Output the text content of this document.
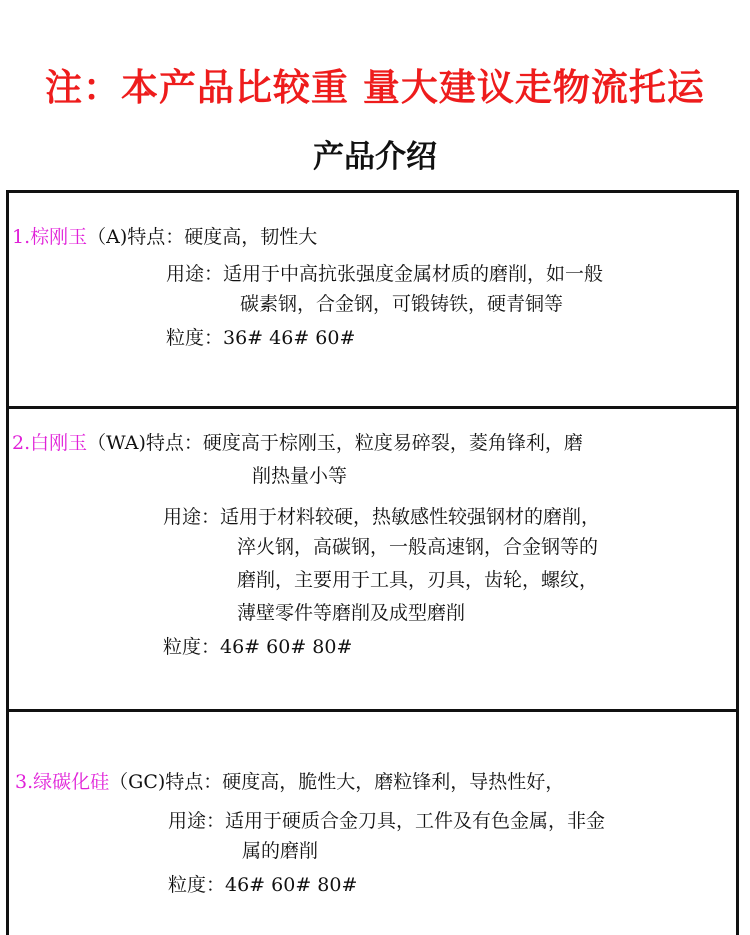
注：本产品比较重 量大建议走物流托运
产品介绍
1.棕刚玉（A)特点：硬度高，韧性大
用途：适用于中高抗张强度金属材质的磨削，如一般
碳素钢，合金钢，可锻铸铁，硬青铜等
粒度：36# 46# 60#
2.白刚玉（WA)特点：硬度高于棕刚玉，粒度易碎裂，菱角锋利，磨
削热量小等
用途：适用于材料较硬，热敏感性较强钢材的磨削，
淬火钢，高碳钢，一般高速钢，合金钢等的
磨削，主要用于工具，刃具，齿轮，螺纹，
薄壁零件等磨削及成型磨削
粒度：46# 60# 80#
3.绿碳化硅（GC)特点：硬度高，脆性大，磨粒锋利，导热性好，
用途：适用于硬质合金刀具，工件及有色金属，非金
属的磨削
粒度：46# 60# 80#
